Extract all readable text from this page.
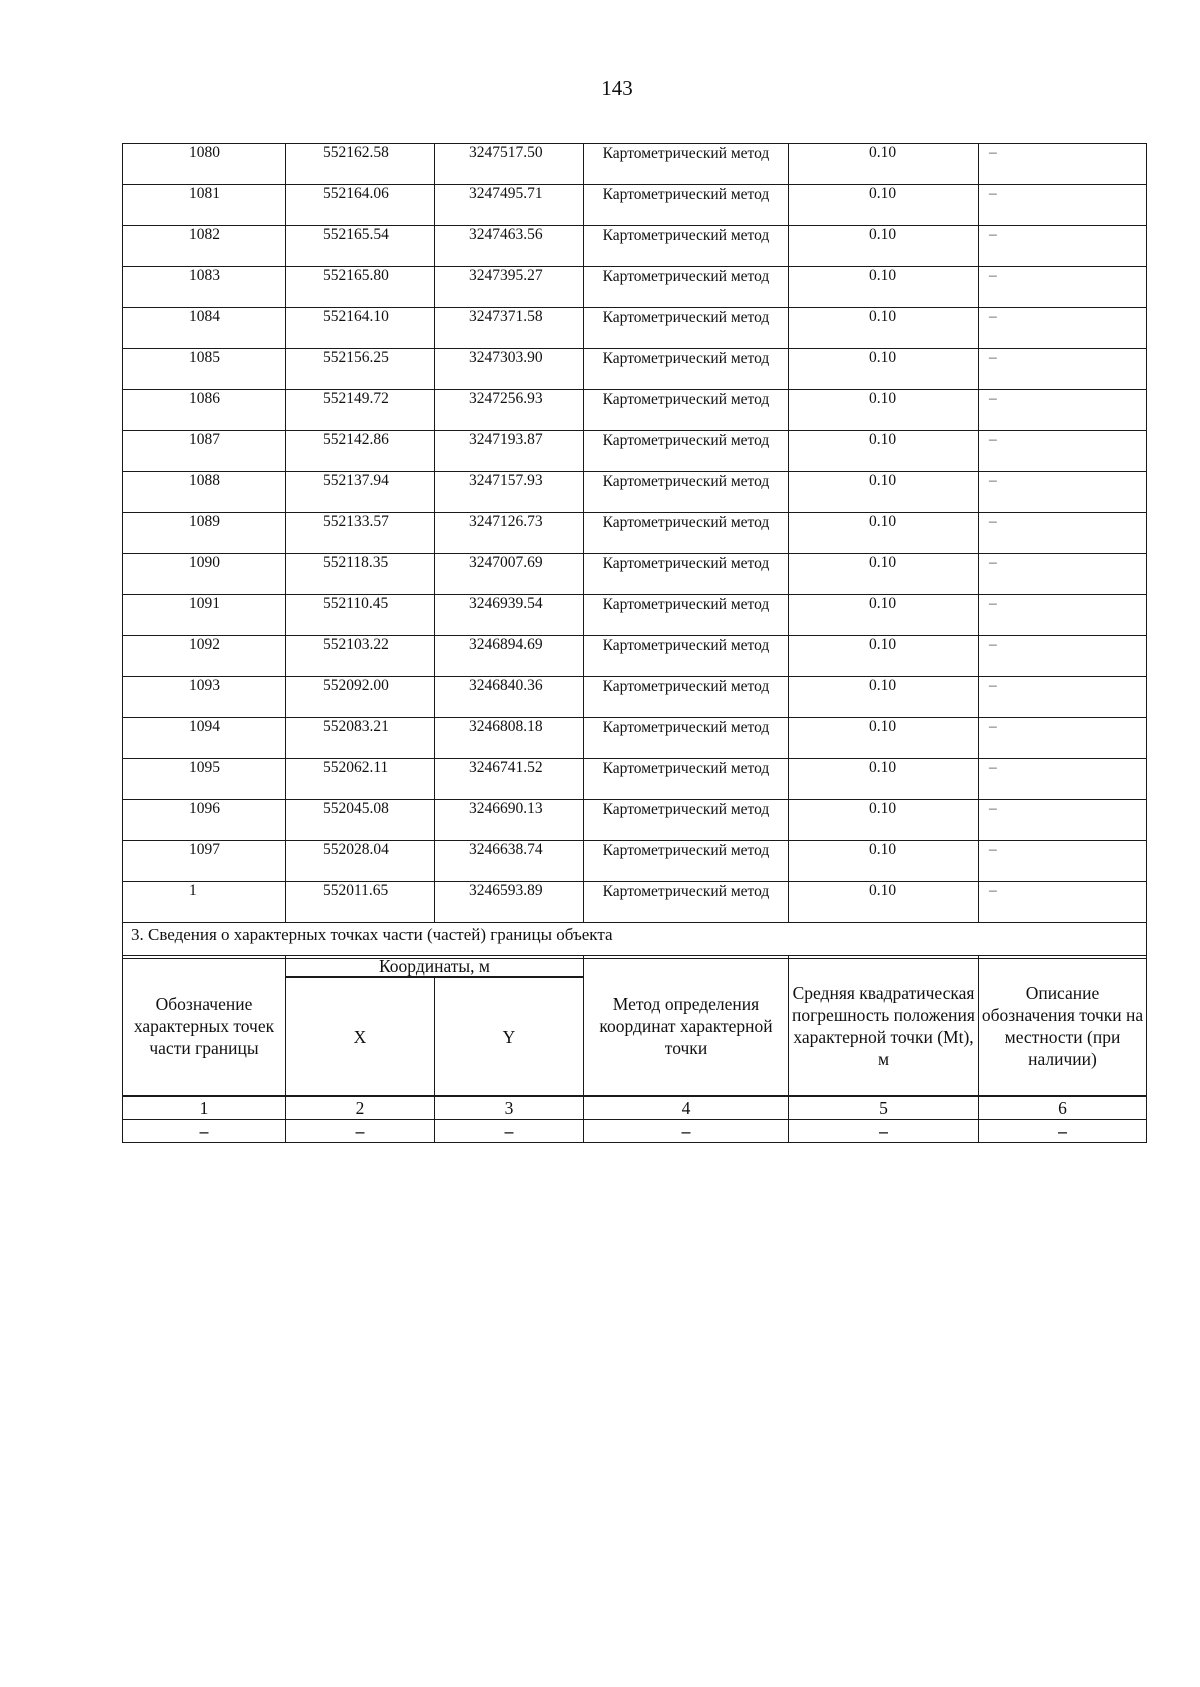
143
1080	552162.58	3247517.50	Картометрический метод	0.10	–
1081	552164.06	3247495.71	Картометрический метод	0.10	–
1082	552165.54	3247463.56	Картометрический метод	0.10	–
1083	552165.80	3247395.27	Картометрический метод	0.10	–
1084	552164.10	3247371.58	Картометрический метод	0.10	–
1085	552156.25	3247303.90	Картометрический метод	0.10	–
1086	552149.72	3247256.93	Картометрический метод	0.10	–
1087	552142.86	3247193.87	Картометрический метод	0.10	–
1088	552137.94	3247157.93	Картометрический метод	0.10	–
1089	552133.57	3247126.73	Картометрический метод	0.10	–
1090	552118.35	3247007.69	Картометрический метод	0.10	–
1091	552110.45	3246939.54	Картометрический метод	0.10	–
1092	552103.22	3246894.69	Картометрический метод	0.10	–
1093	552092.00	3246840.36	Картометрический метод	0.10	–
1094	552083.21	3246808.18	Картометрический метод	0.10	–
1095	552062.11	3246741.52	Картометрический метод	0.10	–
1096	552045.08	3246690.13	Картометрический метод	0.10	–
1097	552028.04	3246638.74	Картометрический метод	0.10	–
1	552011.65	3246593.89	Картометрический метод	0.10	–
3. Сведения о характерных точках части (частей) границы объекта					
Обозначение характерных точек части границы	Координаты, м		Метод определения координат характерной точки	Средняя квадратическая погрешность положения характерной точки (Mt), м	Описание обозначения точки на местности (при наличии)
	X	Y			
1	2	3	4	5	6
–	–	–	–	–	–
